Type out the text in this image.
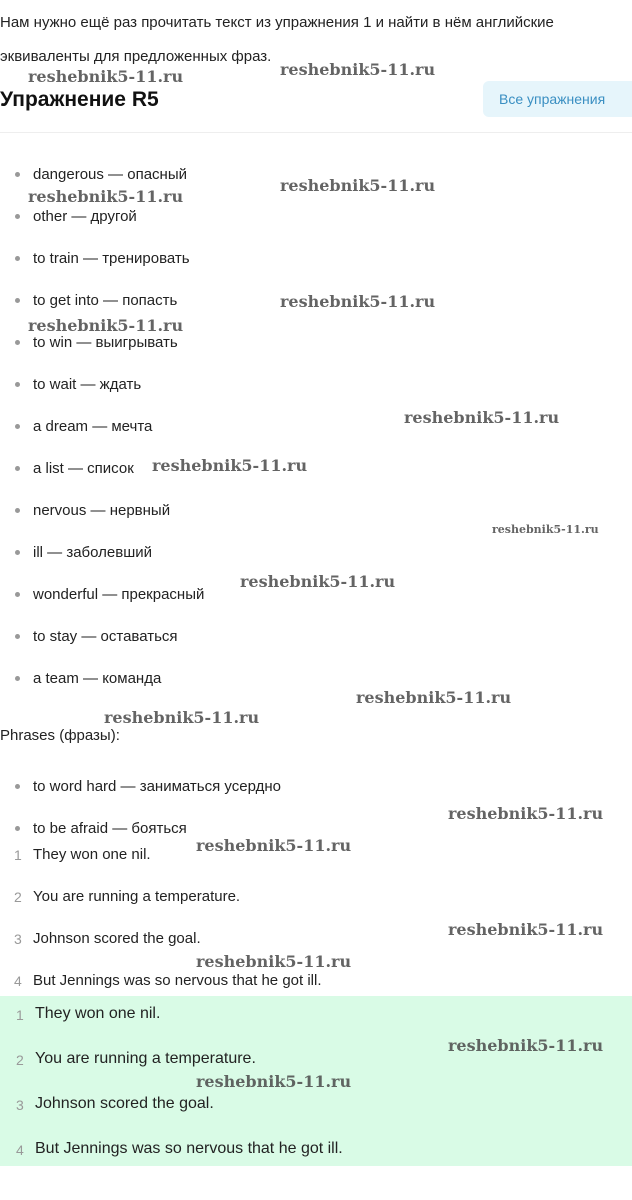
Нам нужно ещё раз прочитать текст из упражнения 1 и найти в нём английские
эквиваленты для предложенных фраз.
Упражнение R5	Все упражнения
dangerous — опасный
other — другой
to train — тренировать
to get into — попасть
to win — выигрывать
to wait — ждать
a dream — мечта
a list — список
nervous — нервный
ill — заболевший
wonderful — прекрасный
to stay — оставаться
a team — команда
Phrases (фразы):
to word hard — заниматься усердно
to be afraid — бояться
1 They won one nil.
2 You are running a temperature.
3 Johnson scored the goal.
4 But Jennings was so nervous that he got ill.
1 They won one nil.
2 You are running a temperature.
3 Johnson scored the goal.
4 But Jennings was so nervous that he got ill.
reshebnik5-11.ru	reshebnik5-11.ru
reshebnik5-11.ru
reshebnik5-11.ru
reshebnik5-11.ru
reshebnik5-11.ru
reshebnik5-11.ru
reshebnik5-11.ru
reshebnik5-11.ru
reshebnik5-11.ru
reshebnik5-11.ru
reshebnik5-11.ru
reshebnik5-11.ru
reshebnik5-11.ru
reshebnik5-11.ru
reshebnik5-11.ru
reshebnik5-11.ru
reshebnik5-11.ru
